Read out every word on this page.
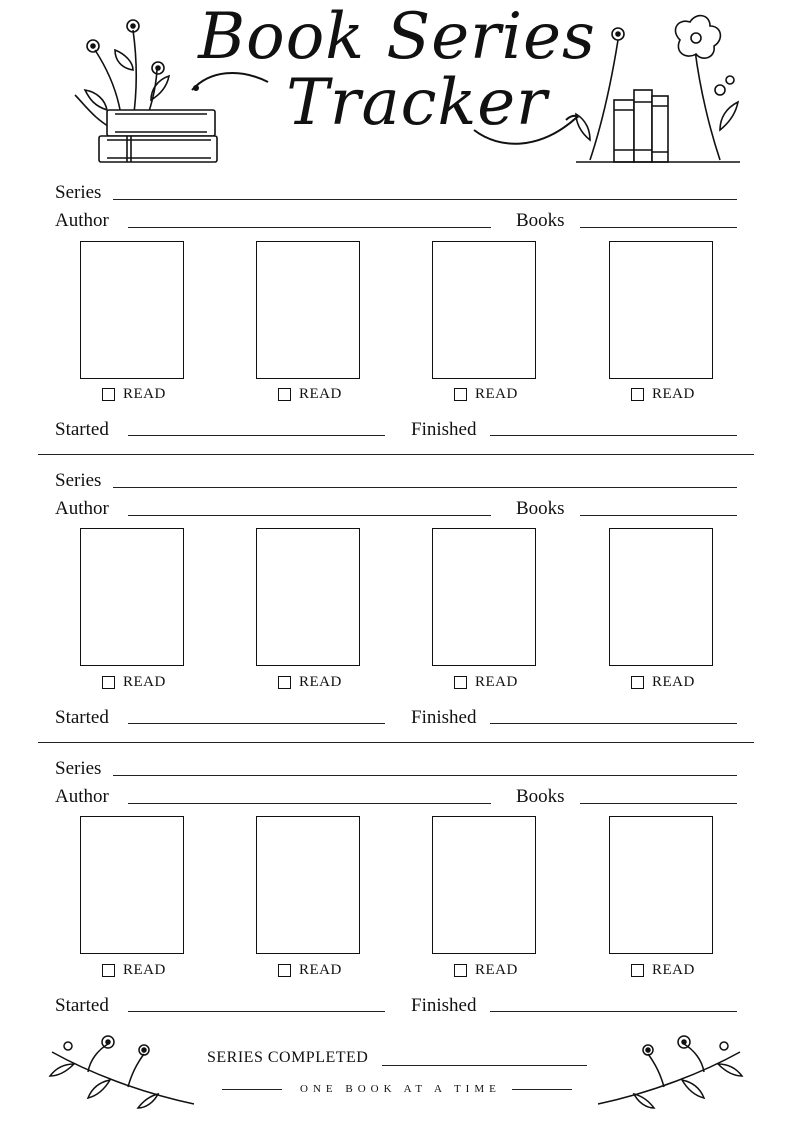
Book Series
Tracker
Series
Author	Books
READ	READ	READ	READ
Started	Finished
Series
Author	Books
READ	READ	READ	READ
Started	Finished
Series
Author	Books
READ	READ	READ	READ
Started	Finished
SERIES COMPLETED
ONE BOOK AT A TIME
